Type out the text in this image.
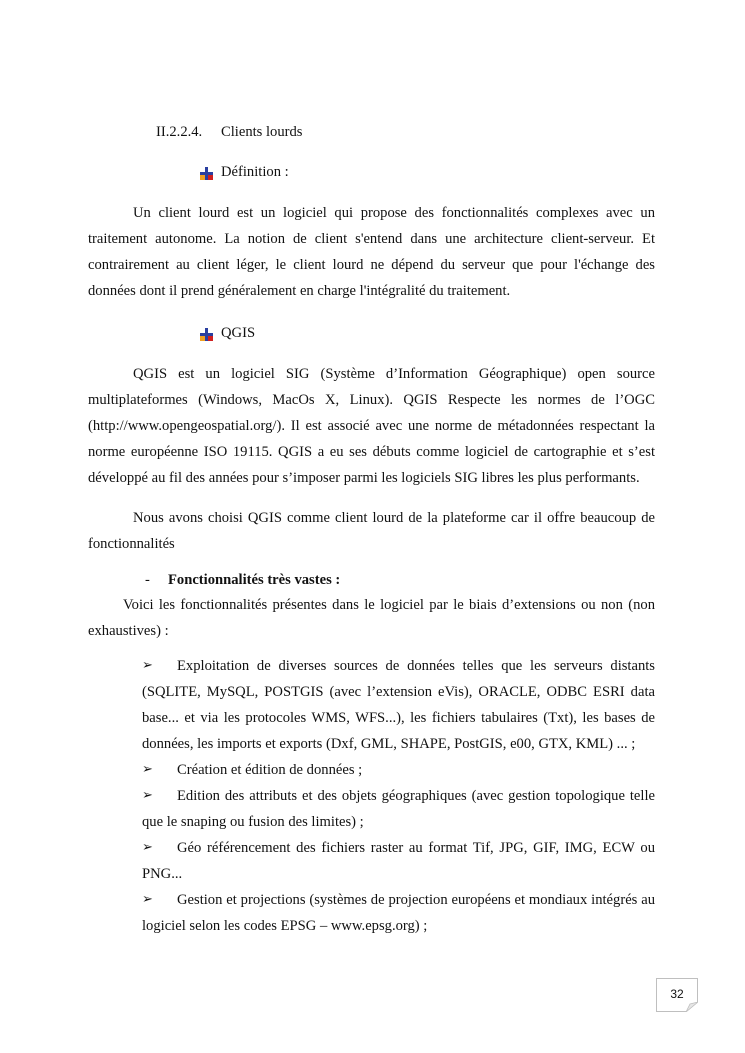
II.2.2.4. Clients lourds
Définition :

Un client lourd est un logiciel qui propose des fonctionnalités complexes avec un traitement autonome. La notion de client s'entend dans une architecture client-serveur. Et contrairement au client léger, le client lourd ne dépend du serveur que pour l'échange des données dont il prend généralement en charge l'intégralité du traitement.

QGIS

QGIS est un logiciel SIG (Système d’Information Géographique) open source multiplateformes (Windows, MacOs X, Linux). QGIS Respecte les normes de l’OGC (http://www.opengeospatial.org/). Il est associé avec une norme de métadonnées respectant la norme européenne ISO 19115. QGIS a eu ses débuts comme logiciel de cartographie et s’est développé au fil des années pour s’imposer parmi les logiciels SIG libres les plus performants.

Nous avons choisi QGIS comme client lourd de la plateforme car il offre beaucoup de fonctionnalités

- Fonctionnalités très vastes :

Voici les fonctionnalités présentes dans le logiciel par le biais d’extensions ou non (non exhaustives) :

➢ Exploitation de diverses sources de données telles que les serveurs distants (SQLITE, MySQL, POSTGIS (avec l’extension eVis), ORACLE, ODBC ESRI data base... et via les protocoles WMS, WFS...), les fichiers tabulaires (Txt), les bases de données, les imports et exports (Dxf, GML, SHAPE, PostGIS, e00, GTX, KML) ... ;
➢ Création et édition de données ;
➢ Edition des attributs et des objets géographiques (avec gestion topologique telle que le snaping ou fusion des limites) ;
➢ Géo référencement des fichiers raster au format Tif, JPG, GIF, IMG, ECW ou PNG...
➢ Gestion et projections (systèmes de projection européens et mondiaux intégrés au logiciel selon les codes EPSG – www.epsg.org) ;
32
